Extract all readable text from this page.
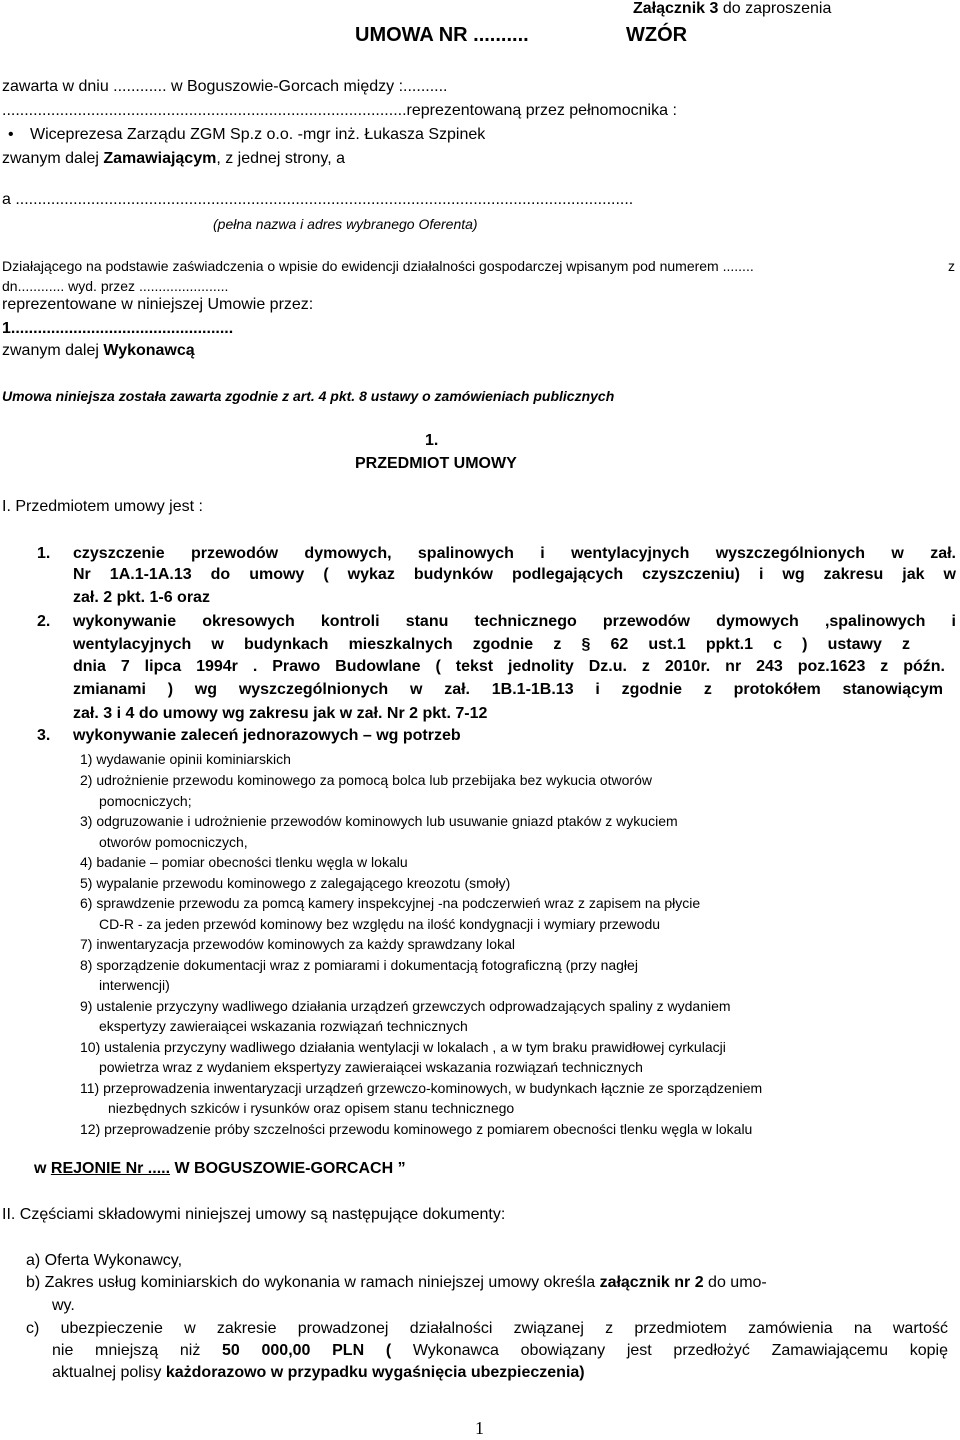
Załącznik 3 do zaproszenia
UMOWA NR ..........	WZÓR
zawarta w dniu ............ w Boguszowie-Gorcach między :..........
...........................................................................................reprezentowaną przez pełnomocnika :
• Wiceprezesa Zarządu ZGM Sp.z o.o. -mgr inż. Łukasza Szpinek
zwanym dalej Zamawiającym, z jednej strony, a
a ...........................................................................................................................................
(pełna nazwa i adres wybranego Oferenta)
Działającego na podstawie zaświadczenia o wpisie do ewidencji działalności gospodarczej wpisanym pod numerem ........	z
dn............ wyd. przez .......................
reprezentowane w niniejszej Umowie przez:
1..................................................
zwanym dalej Wykonawcą
Umowa niniejsza została zawarta zgodnie z art. 4 pkt. 8 ustawy o zamówieniach publicznych
1.
PRZEDMIOT UMOWY
I. Przedmiotem umowy jest :
1. czyszczenie przewodów dymowych, spalinowych i wentylacyjnych wyszczególnionych w zał.
Nr 1A.1-1A.13 do umowy ( wykaz budynków podlegających czyszczeniu) i wg zakresu jak w
zał. 2 pkt. 1-6 oraz
2. wykonywanie okresowych kontroli stanu technicznego przewodów dymowych ,spalinowych i
wentylacyjnych w budynkach mieszkalnych zgodnie z § 62 ust.1 ppkt.1 c ) ustawy z
dnia 7 lipca 1994r . Prawo Budowlane ( tekst jednolity Dz.u. z 2010r. nr 243 poz.1623 z późn.
zmianami ) wg wyszczególnionych w zał. 1B.1-1B.13 i zgodnie z protokółem stanowiącym
zał. 3 i 4 do umowy wg zakresu jak w zał. Nr 2 pkt. 7-12
3. wykonywanie zaleceń jednorazowych – wg potrzeb
1) wydawanie opinii kominiarskich
2) udrożnienie przewodu kominowego za pomocą bolca lub przebijaka bez wykucia otworów
pomocniczych;
3) odgruzowanie i udrożnienie przewodów kominowych lub usuwanie gniazd ptaków z wykuciem
otworów pomocniczych,
4) badanie – pomiar obecności tlenku węgla w lokalu
5) wypalanie przewodu kominowego z zalegającego kreozotu (smoły)
6) sprawdzenie przewodu za pomcą kamery inspekcyjnej -na podczerwień wraz z zapisem na płycie
CD-R - za jeden przewód kominowy bez względu na ilość kondygnacji i wymiary przewodu
7) inwentaryzacja przewodów kominowych za każdy sprawdzany lokal
8) sporządzenie dokumentacji wraz z pomiarami i dokumentacją fotograficzną (przy nagłej
interwencji)
9) ustalenie przyczyny wadliwego działania urządzeń grzewczych odprowadzających spaliny z wydaniem
ekspertyzy zawieraiącei wskazania rozwiązań technicznych
10) ustalenia przyczyny wadliwego działania wentylacji w lokalach , a w tym braku prawidłowej cyrkulacji
powietrza wraz z wydaniem ekspertyzy zawieraiącei wskazania rozwiązań technicznych
11) przeprowadzenia inwentaryzacji urządzeń grzewczo-kominowych, w budynkach łącznie ze sporządzeniem
niezbędnych szkiców i rysunków oraz opisem stanu technicznego
12) przeprowadzenie próby szczelności przewodu kominowego z pomiarem obecności tlenku węgla w lokalu
w REJONIE Nr ..... W BOGUSZOWIE-GORCACH ”
II. Częściami składowymi niniejszej umowy są następujące dokumenty:
a) Oferta Wykonawcy,
b) Zakres usług kominiarskich do wykonania w ramach niniejszej umowy określa załącznik nr 2 do umo-
wy.
c) ubezpieczenie w zakresie prowadzonej działalności związanej z przedmiotem zamówienia na wartość
nie mniejszą niż 50 000,00 PLN ( Wykonawca obowiązany jest przedłożyć Zamawiającemu kopię
aktualnej polisy każdorazowo w przypadku wygaśnięcia ubezpieczenia)
1
